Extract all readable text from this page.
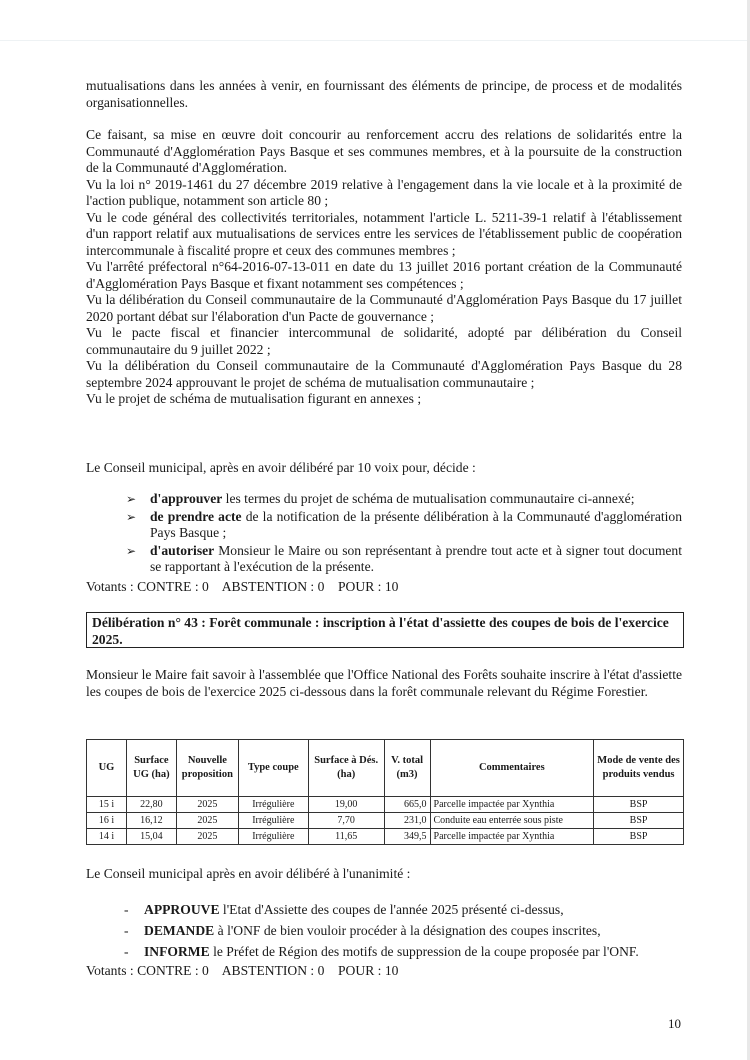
mutualisations dans les années à venir, en fournissant des éléments de principe, de process et de modalités organisationnelles.

Ce faisant, sa mise en œuvre doit concourir au renforcement accru des relations de solidarités entre la Communauté d'Agglomération Pays Basque et ses communes membres, et à la poursuite de la construction de la Communauté d'Agglomération.

Vu la loi n° 2019-1461 du 27 décembre 2019 relative à l'engagement dans la vie locale et à la proximité de l'action publique, notamment son article 80 ;

Vu le code général des collectivités territoriales, notamment l'article L. 5211-39-1 relatif à l'établissement d'un rapport relatif aux mutualisations de services entre les services de l'établissement public de coopération intercommunale à fiscalité propre et ceux des communes membres ;

Vu l'arrêté préfectoral n°64-2016-07-13-011 en date du 13 juillet 2016 portant création de la Communauté d'Agglomération Pays Basque et fixant notamment ses compétences ;

Vu la délibération du Conseil communautaire de la Communauté d'Agglomération Pays Basque du 17 juillet 2020 portant débat sur l'élaboration d'un Pacte de gouvernance ;

Vu le pacte fiscal et financier intercommunal de solidarité, adopté par délibération du Conseil communautaire du 9 juillet 2022 ;

Vu la délibération du Conseil communautaire de la Communauté d'Agglomération Pays Basque du 28 septembre 2024 approuvant le projet de schéma de mutualisation communautaire ;

Vu le projet de schéma de mutualisation figurant en annexes ;

Le Conseil municipal, après en avoir délibéré par 10 voix pour, décide :

➢ d'approuver les termes du projet de schéma de mutualisation communautaire ci-annexé;
➢ de prendre acte de la notification de la présente délibération à la Communauté d'agglomération Pays Basque ;
➢ d'autoriser Monsieur le Maire ou son représentant à prendre tout acte et à signer tout document se rapportant à l'exécution de la présente.
Votants : CONTRE : 0    ABSTENTION : 0    POUR : 10
Délibération n° 43 : Forêt communale : inscription à l'état d'assiette des coupes de bois de l'exercice 2025.

Monsieur le Maire fait savoir à l'assemblée que l'Office National des Forêts souhaite inscrire à l'état d'assiette les coupes de bois de l'exercice 2025 ci-dessous dans la forêt communale relevant du Régime Forestier.

UG	Surface UG (ha)	Nouvelle proposition	Type coupe	Surface à Dés. (ha)	V. total (m3)	Commentaires	Mode de vente des produits vendus
15 i	22,80	2025	Irrégulière	19,00	665,0	Parcelle impactée par Xynthia	BSP
16 i	16,12	2025	Irrégulière	7,70	231,0	Conduite eau enterrée sous piste	BSP
14 i	15,04	2025	Irrégulière	11,65	349,5	Parcelle impactée par Xynthia	BSP

Le Conseil municipal après en avoir délibéré à l'unanimité :

- APPROUVE l'Etat d'Assiette des coupes de l'année 2025 présenté ci-dessus,
- DEMANDE à l'ONF de bien vouloir procéder à la désignation des coupes inscrites,
- INFORME le Préfet de Région des motifs de suppression de la coupe proposée par l'ONF.
Votants : CONTRE : 0    ABSTENTION : 0    POUR : 10
10
